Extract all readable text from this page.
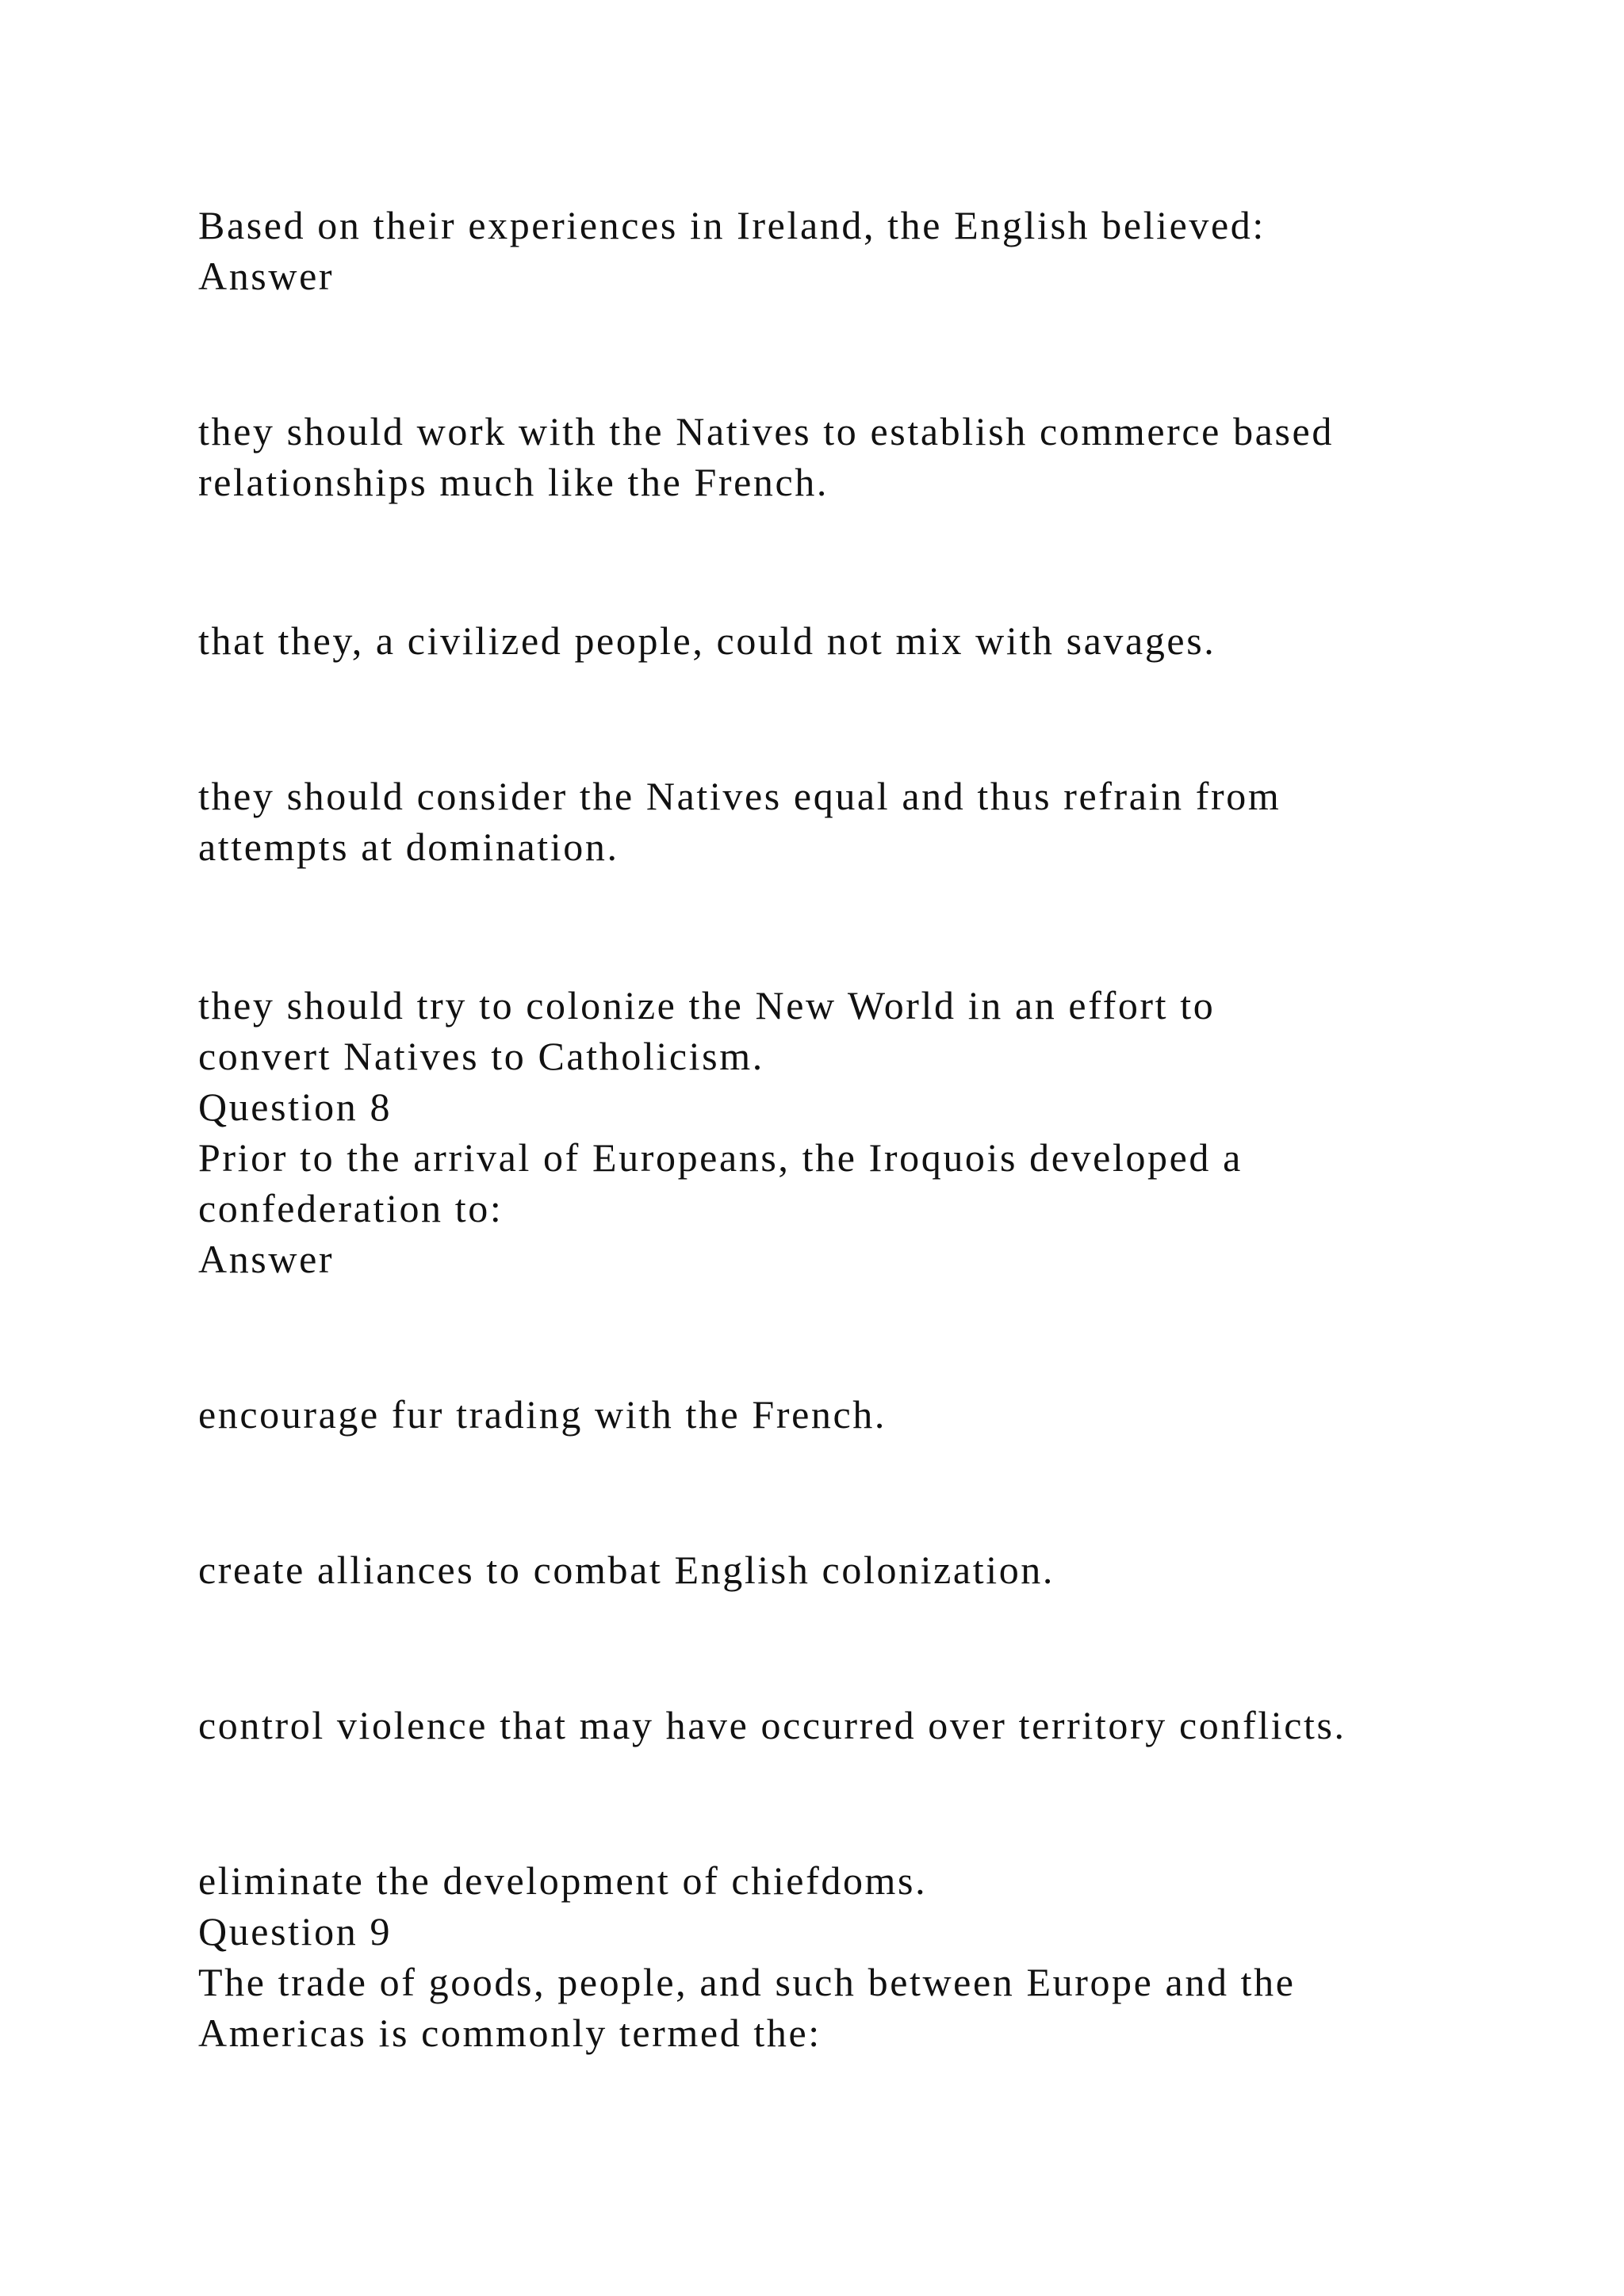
Based on their experiences in Ireland, the English believed:

Answer

they should work with the Natives to establish commerce based

relationships much like the French.

that they, a civilized people, could not mix with savages.

they should consider the Natives equal and thus refrain from

attempts at domination.

they should try to colonize the New World in an effort to

convert Natives to Catholicism.

Question 8

Prior to the arrival of Europeans, the Iroquois developed a

confederation to:

Answer

encourage fur trading with the French.

create alliances to combat English colonization.

control violence that may have occurred over territory conflicts.

eliminate the development of chiefdoms.

Question 9

The trade of goods, people, and such between Europe and the

Americas is commonly termed the:
